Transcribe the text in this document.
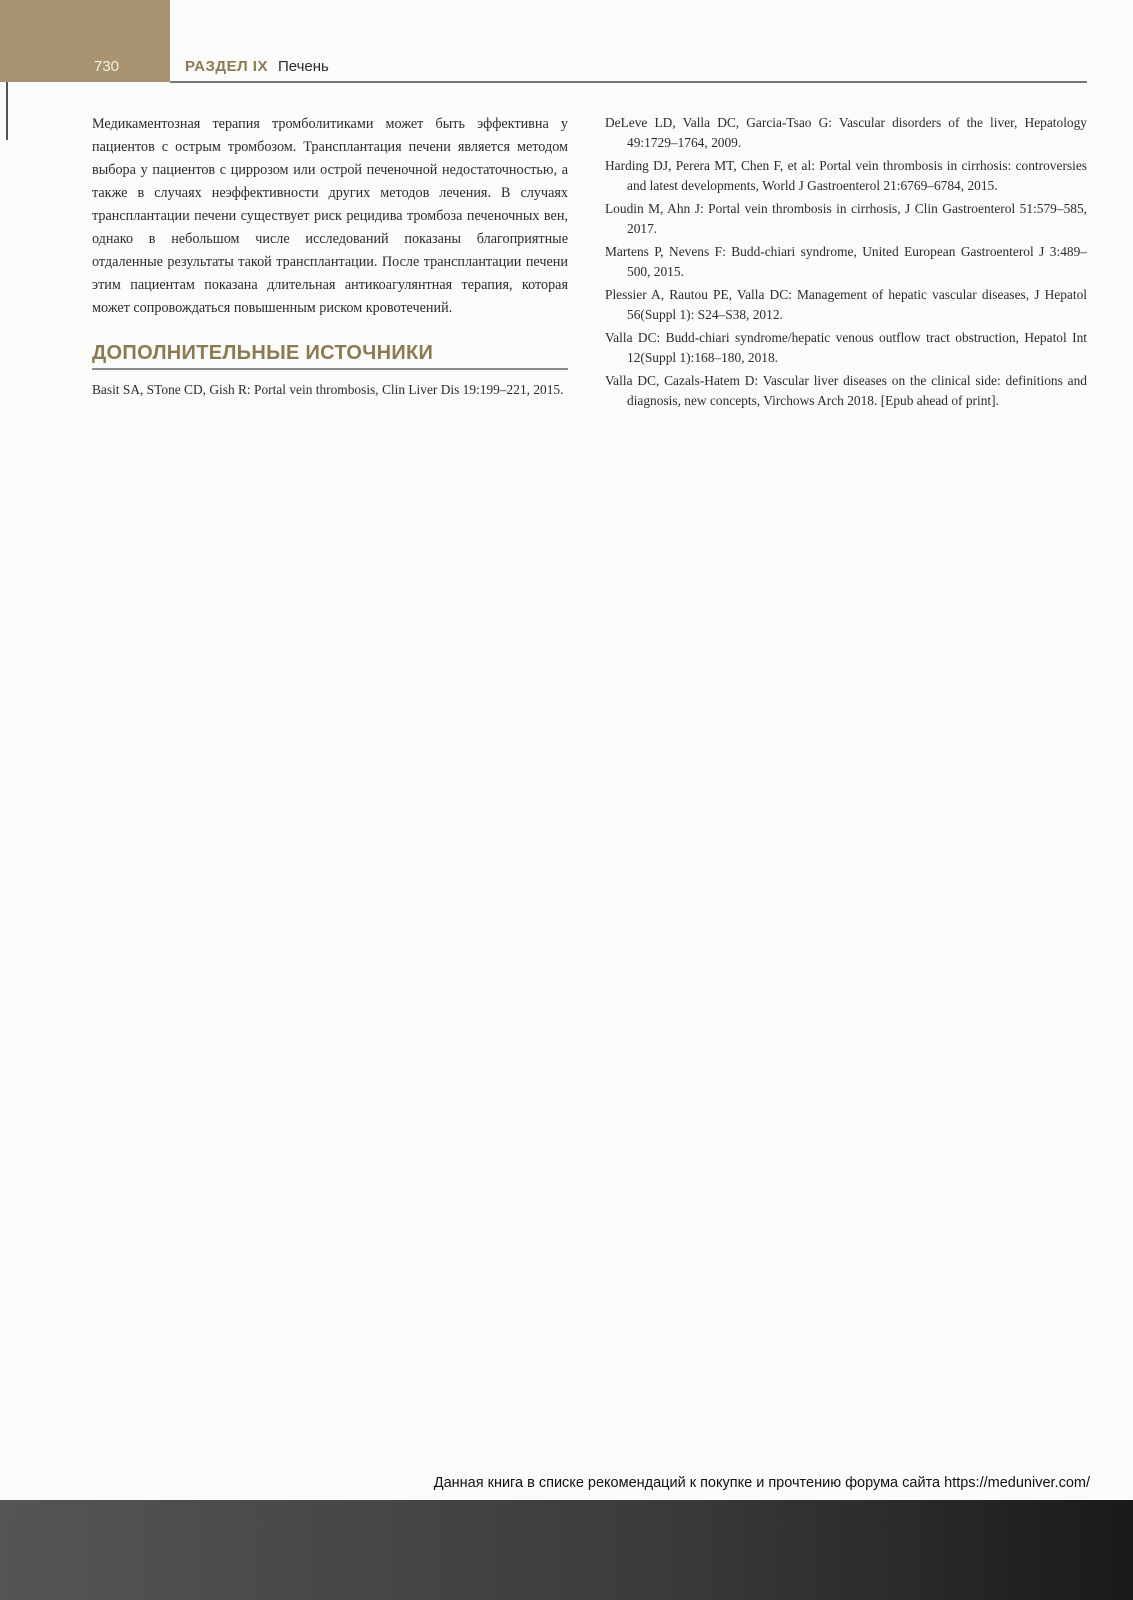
730	РАЗДЕЛ IX Печень

Медикаментозная терапия тромболитиками может быть эффективна у пациентов с острым тромбозом. Трансплантация печени является методом выбора у пациентов с циррозом или острой печеночной недостаточностью, а также в случаях неэффективности других методов лечения. В случаях трансплантации печени существует риск рецидива тромбоза печеночных вен, однако в небольшом числе исследований показаны благоприятные отдаленные результаты такой трансплантации. После трансплантации печени этим пациентам показана длительная антикоагулянтная терапия, которая может сопровождаться повышенным риском кровотечений.

ДОПОЛНИТЕЛЬНЫЕ ИСТОЧНИКИ
Basit SA, STone CD, Gish R: Portal vein thrombosis, Clin Liver Dis 19:199–221, 2015.
DeLeve LD, Valla DC, Garcia-Tsao G: Vascular disorders of the liver, Hepatology 49:1729–1764, 2009.
Harding DJ, Perera MT, Chen F, et al: Portal vein thrombosis in cirrhosis: controversies and latest developments, World J Gastroenterol 21:6769–6784, 2015.
Loudin M, Ahn J: Portal vein thrombosis in cirrhosis, J Clin Gastroenterol 51:579–585, 2017.
Martens P, Nevens F: Budd-chiari syndrome, United European Gastroenterol J 3:489–500, 2015.
Plessier A, Rautou PE, Valla DC: Management of hepatic vascular diseases, J Hepatol 56(Suppl 1): S24–S38, 2012.
Valla DC: Budd-chiari syndrome/hepatic venous outflow tract obstruction, Hepatol Int 12(Suppl 1):168–180, 2018.
Valla DC, Cazals-Hatem D: Vascular liver diseases on the clinical side: definitions and diagnosis, new concepts, Virchows Arch 2018. [Epub ahead of print].
Данная книга в списке рекомендаций к покупке и прочтению форума сайта https://meduniver.com/
